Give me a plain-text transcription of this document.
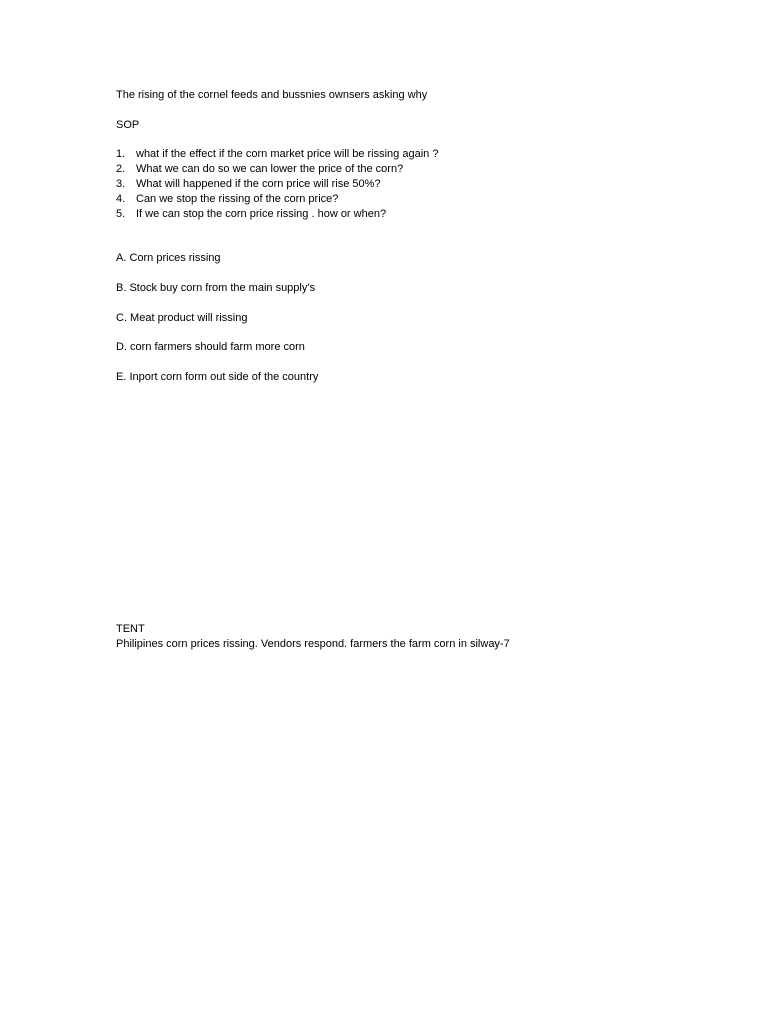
The rising of the cornel feeds and bussnies ownsers asking why
SOP
1. what if the effect if the corn market price will be rissing again ?
2. What we can do so we can lower the price of the corn?
3. What will happened if the corn price will rise 50%?
4. Can we stop the rissing of the corn price?
5. If we can stop the corn price rissing . how or when?
A. Corn prices rissing
B. Stock buy corn from the main supply’s
C. Meat product will rissing
D. corn farmers should farm more corn
E. Inport corn form out side of the country
TENT
Philipines corn prices rissing. Vendors respond. farmers the farm corn in silway-7
